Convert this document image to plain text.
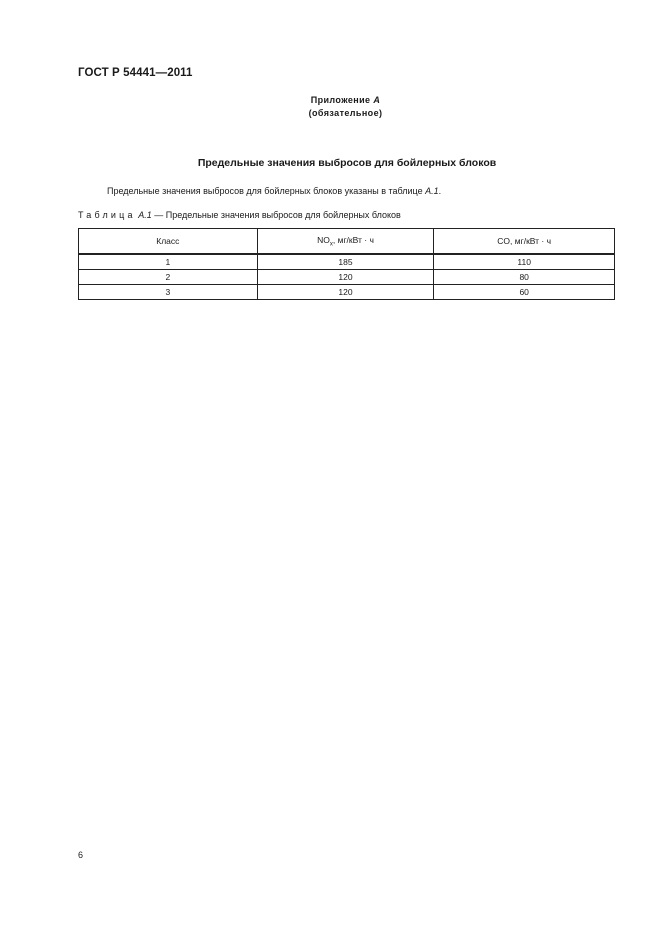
ГОСТ Р 54441—2011
Приложение А
(обязательное)
Предельные значения выбросов для бойлерных блоков
Предельные значения выбросов для бойлерных блоков указаны в таблице А.1.
Таблица А.1 — Предельные значения выбросов для бойлерных блоков
Класс	$NO_x$, мг/кВт · ч	CO, мг/кВт · ч
1	185	110
2	120	80
3	120	60
6
